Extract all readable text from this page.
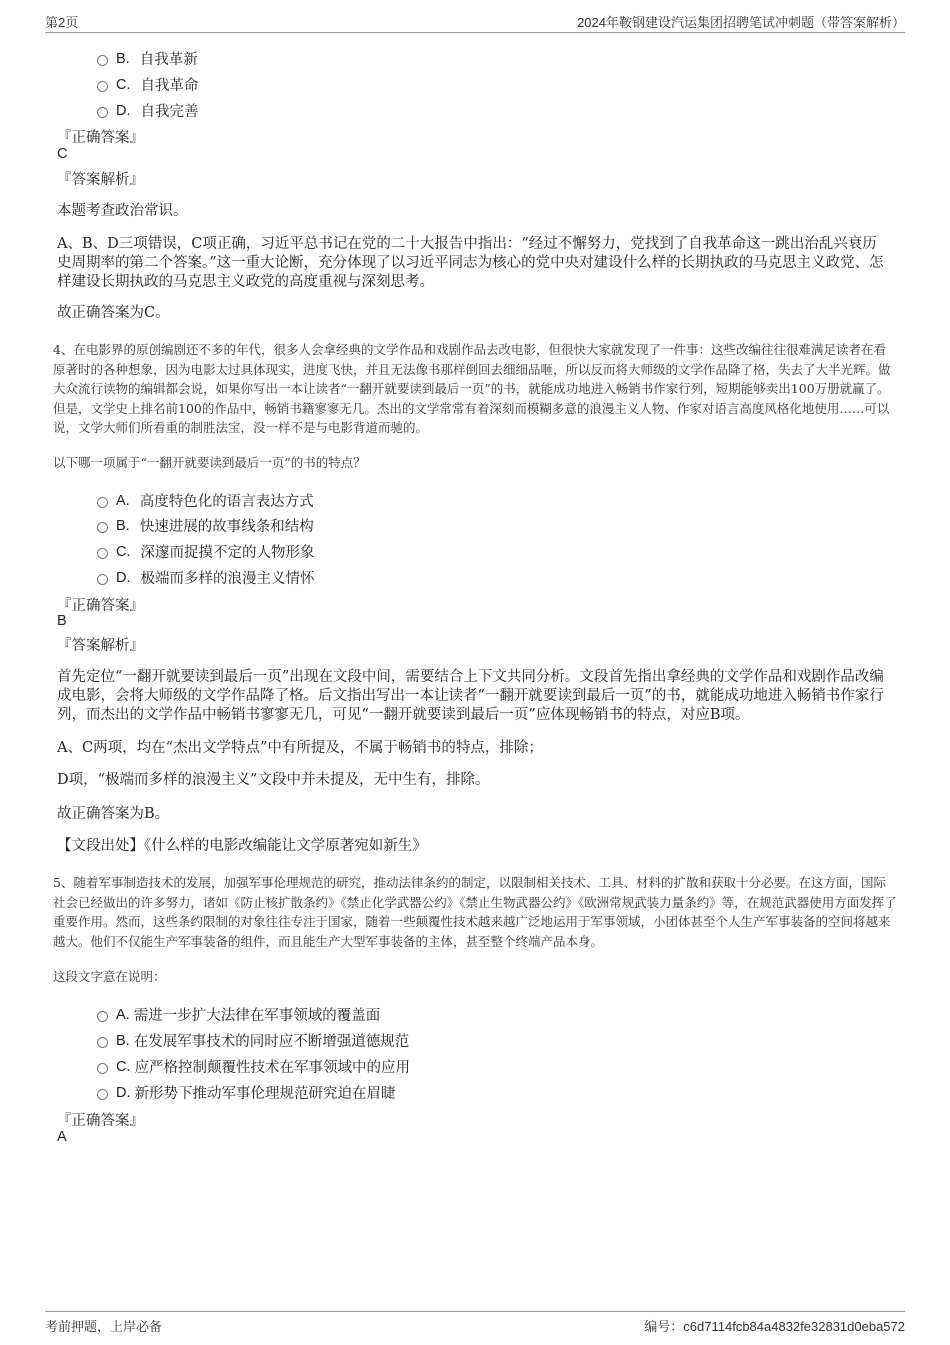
第2页	2024年鞍钢建设汽运集团招聘笔试冲刺题（带答案解析）
B. 自我革新
C. 自我革命
D. 自我完善
『正确答案』
C
『答案解析』
本题考查政治常识。
A、B、D三项错误，C项正确，习近平总书记在党的二十大报告中指出：“经过不懈努力，党找到了自我革命这一跳出治乱兴衰历史周期率的第二个答案。”这一重大论断，充分体现了以习近平同志为核心的党中央对建设什么样的长期执政的马克思主义政党、怎样建设长期执政的马克思主义政党的高度重视与深刻思考。
故正确答案为C。
4、在电影界的原创编剧还不多的年代，很多人会拿经典的文学作品和戏剧作品去改电影，但很快大家就发现了一件事：这些改编往往很难满足读者在看原著时的各种想象，因为电影太过具体现实，进度飞快，并且无法像书那样倒回去细细品咂，所以反而将大师级的文学作品降了格，失去了大半光辉。做大众流行读物的编辑都会说，如果你写出一本让读者“一翻开就要读到最后一页”的书，就能成功地进入畅销书作家行列，短期能够卖出100万册就赢了。但是，文学史上排名前100的作品中，畅销书籍寥寥无几。杰出的文学常常有着深刻而模糊多意的浪漫主义人物、作家对语言高度风格化地使用……可以说，文学大师们所看重的制胜法宝，没一样不是与电影背道而驰的。
以下哪一项属于“一翻开就要读到最后一页”的书的特点？
A. 高度特色化的语言表达方式
B. 快速进展的故事线条和结构
C. 深邃而捉摸不定的人物形象
D. 极端而多样的浪漫主义情怀
『正确答案』
B
『答案解析』
首先定位“一翻开就要读到最后一页”出现在文段中间，需要结合上下文共同分析。文段首先指出拿经典的文学作品和戏剧作品改编成电影，会将大师级的文学作品降了格。后文指出写出一本让读者“一翻开就要读到最后一页”的书，就能成功地进入畅销书作家行列，而杰出的文学作品中畅销书寥寥无几，可见“一翻开就要读到最后一页”应体现畅销书的特点，对应B项。
A、C两项，均在“杰出文学特点”中有所提及，不属于畅销书的特点，排除；
D项，“极端而多样的浪漫主义”文段中并未提及，无中生有，排除。
故正确答案为B。
【文段出处】《什么样的电影改编能让文学原著宛如新生》
5、随着军事制造技术的发展，加强军事伦理规范的研究，推动法律条约的制定，以限制相关技术、工具、材料的扩散和获取十分必要。在这方面，国际社会已经做出的许多努力，诸如《防止核扩散条约》《禁止化学武器公约》《禁止生物武器公约》《欧洲常规武装力量条约》等，在规范武器使用方面发挥了重要作用。然而，这些条约限制的对象往往专注于国家，随着一些颠覆性技术越来越广泛地运用于军事领域，小团体甚至个人生产军事装备的空间将越来越大。他们不仅能生产军事装备的组件，而且能生产大型军事装备的主体，甚至整个终端产品本身。
这段文字意在说明：
A. 需进一步扩大法律在军事领域的覆盖面
B. 在发展军事技术的同时应不断增强道德规范
C. 应严格控制颠覆性技术在军事领域中的应用
D. 新形势下推动军事伦理规范研究迫在眉睫
『正确答案』
A
考前押题，上岸必备	编号：c6d7114fcb84a4832fe32831d0eba572
